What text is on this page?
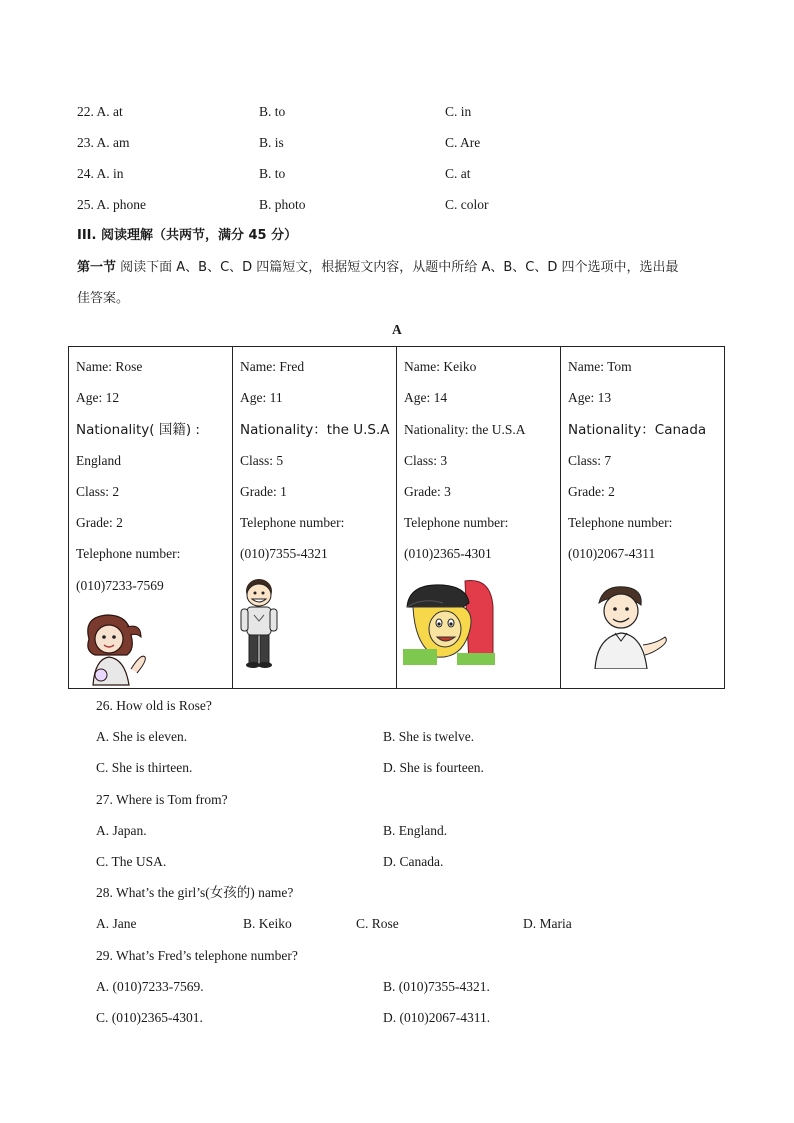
22. A. at	B. to	C. in
23. A. am	B. is	C. Are
24. A. in	B. to	C. at
25. A. phone	B. photo	C. color
III. 阅读理解（共两节，满分 45 分）
第一节 阅读下面 A、B、C、D 四篇短文，根据短文内容，从题中所给 A、B、C、D 四个选项中，选出最
佳答案。
A
Name: Rose
Age: 12
Nationality( 国籍) :
England
Class: 2
Grade: 2
Telephone number:
(010)7233-7569

Name: Fred
Age: 11
Nationality：the U.S.A
Class: 5
Grade: 1
Telephone number:
(010)7355-4321

Name: Keiko
Age: 14
Nationality: the U.S.A
Class: 3
Grade: 3
Telephone number:
(010)2365-4301

Name: Tom
Age: 13
Nationality：Canada
Class: 7
Grade: 2
Telephone number:
(010)2067-4311
26. How old is Rose?
A. She is eleven.	B. She is twelve.
C. She is thirteen.	D. She is fourteen.
27. Where is Tom from?
A. Japan.	B. England.
C. The USA.	D. Canada.
28. What’s the girl’s(女孩的) name?
A. Jane	B. Keiko	C. Rose	D. Maria
29. What’s Fred’s telephone number?
A. (010)7233-7569.	B. (010)7355-4321.
C. (010)2365-4301.	D. (010)2067-4311.
